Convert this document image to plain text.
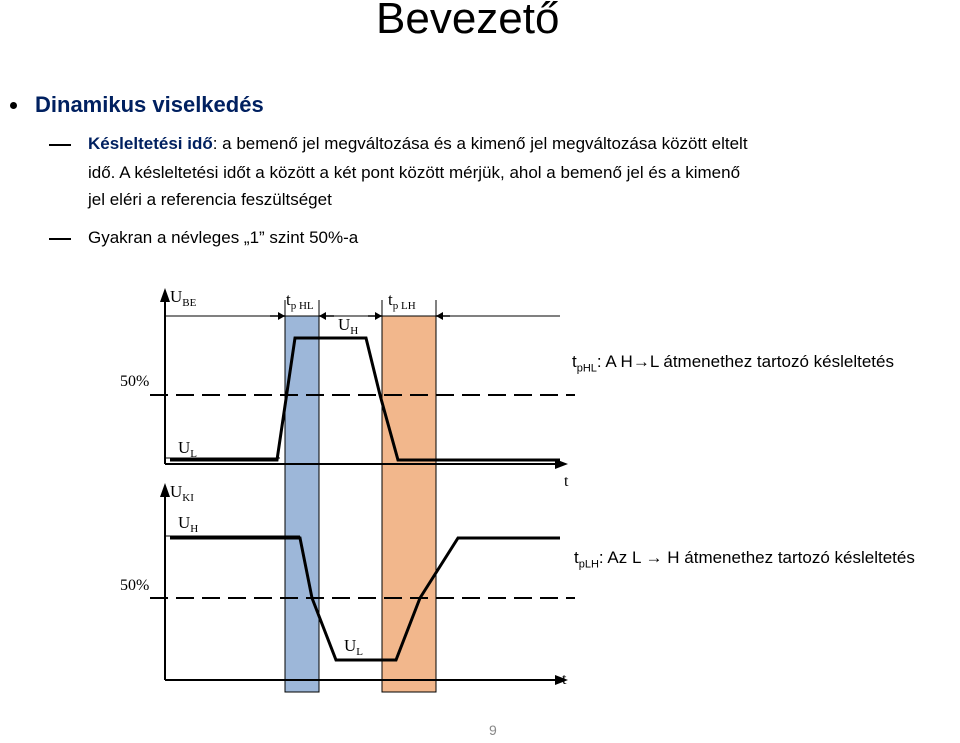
Bevezető
Dinamikus viselkedés
Késleltetési idő: a bemenő jel megváltozása és a kimenő jel megváltozása között eltelt
idő. A késleltetési időt a között a két pont között mérjük, ahol a bemenő jel és a kimenő
jel eléri a referencia feszültséget
Gyakran a névleges „1” szint 50%-a
$U_{BE}$
$U_{KI}$
$t_{p HL}$	$t_{p LH}$
$U_H$
$U_L$
$U_H$
$U_L$
50%
50%
t
t
$t_{pHL}$: A H→L átmenethez tartozó késleltetés
$t_{pLH}$: Az L → H átmenethez tartozó késleltetés
9
